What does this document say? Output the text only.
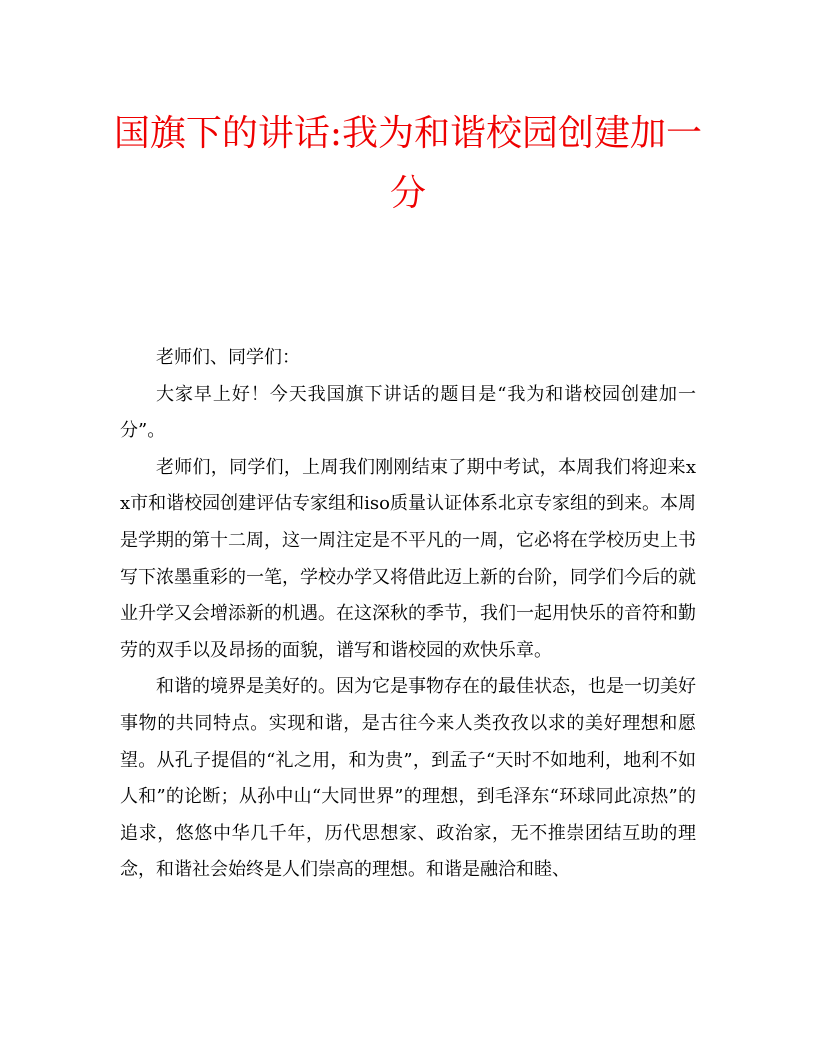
国旗下的讲话:我为和谐校园创建加一分

老师们、同学们：

大家早上好！今天我国旗下讲话的题目是“我为和谐校园创建加一分”。

老师们，同学们，上周我们刚刚结束了期中考试，本周我们将迎来xx市和谐校园创建评估专家组和iso质量认证体系北京专家组的到来。本周是学期的第十二周，这一周注定是不平凡的一周，它必将在学校历史上书写下浓墨重彩的一笔，学校办学又将借此迈上新的台阶，同学们今后的就业升学又会增添新的机遇。在这深秋的季节，我们一起用快乐的音符和勤劳的双手以及昂扬的面貌，谱写和谐校园的欢快乐章。

和谐的境界是美好的。因为它是事物存在的最佳状态，也是一切美好事物的共同特点。实现和谐，是古往今来人类孜孜以求的美好理想和愿望。从孔子提倡的“礼之用，和为贵”，到孟子“天时不如地利，地利不如人和”的论断；从孙中山“大同世界”的理想，到毛泽东“环球同此凉热”的追求，悠悠中华几千年，历代思想家、政治家，无不推崇团结互助的理念，和谐社会始终是人们崇高的理想。和谐是融洽和睦、
